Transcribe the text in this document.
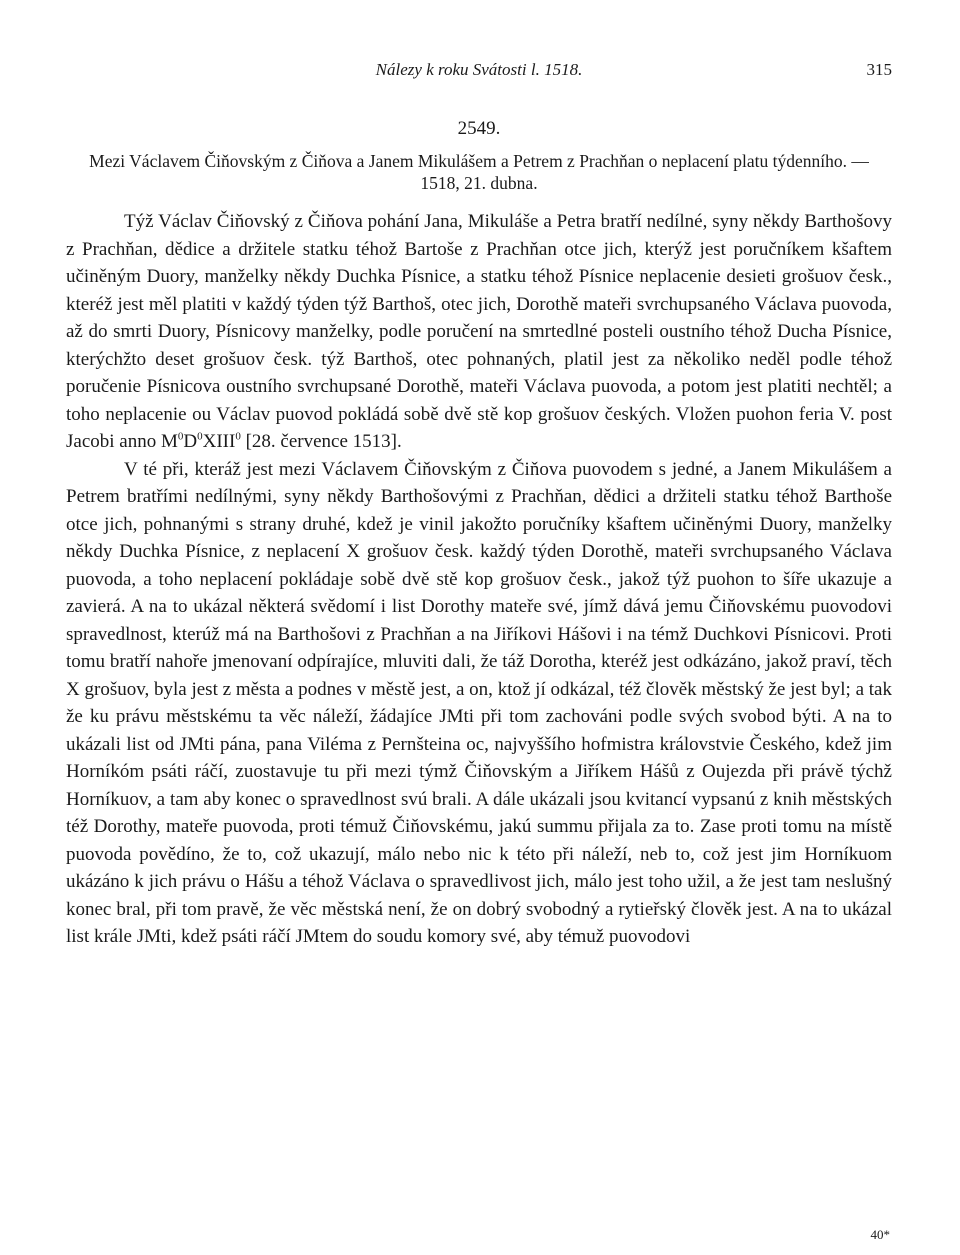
Nálezy k roku Svátosti l. 1518.	315
2549.
Mezi Václavem Čiňovským z Čiňova a Janem Mikulášem a Petrem z Prachňan o neplacení platu týdenního. — 1518, 21. dubna.

Týž Václav Čiňovský z Čiňova pohání Jana, Mikuláše a Petra bratří nedílné, syny někdy Barthošovy z Prachňan, dědice a držitele statku téhož Bartoše z Prachňan otce jich, kterýž jest poručníkem kšaftem učiněným Duory, manželky někdy Duchka Písnice, a statku téhož Písnice neplacenie desieti grošuov česk., kteréž jest měl platiti v každý týden týž Barthoš, otec jich, Dorothě mateři svrchupsaného Václava puovoda, až do smrti Duory, Písnicovy manželky, podle poručení na smrtedlné posteli oustního téhož Ducha Písnice, kterýchžto deset grošuov česk. týž Barthoš, otec pohnaných, platil jest za několiko neděl podle téhož poručenie Písnicova oustního svrchupsané Dorothě, mateři Václava puovoda, a potom jest platiti nechtěl; a toho neplacenie ou Václav puovod pokládá sobě dvě stě kop grošuov českých. Vložen puohon feria V. post Jacobi anno $M^0D^0XIII^0$ [28. července 1513].

V té při, kteráž jest mezi Václavem Čiňovským z Čiňova puovodem s jedné, a Janem Mikulášem a Petrem bratřími nedílnými, syny někdy Barthošovými z Prachňan, dědici a držiteli statku téhož Barthoše otce jich, pohnanými s strany druhé, kdež je vinil jakožto poručníky kšaftem učiněnými Duory, manželky někdy Duchka Písnice, z neplacení X grošuov česk. každý týden Dorothě, mateři svrchupsaného Václava puovoda, a toho neplacení pokládaje sobě dvě stě kop grošuov česk., jakož týž puohon to šíře ukazuje a zavierá. A na to ukázal některá svědomí i list Dorothy mateře své, jímž dává jemu Čiňovskému puovodovi spravedlnost, kterúž má na Barthošovi z Prachňan a na Jiříkovi Hášovi i na témž Duchkovi Písnicovi. Proti tomu bratří nahoře jmenovaní odpírajíce, mluviti dali, že táž Dorotha, kteréž jest odkázáno, jakož praví, těch X grošuov, byla jest z města a podnes v městě jest, a on, ktož jí odkázal, též člověk městský že jest byl; a tak že ku právu městskému ta věc náleží, žádajíce JMti při tom zachováni podle svých svobod býti. A na to ukázali list od JMti pána, pana Viléma z Pernšteina oc, najvyššího hofmistra královstvie Českého, kdež jim Horníkóm psáti ráčí, zuostavuje tu při mezi týmž Čiňovským a Jiříkem Hášů z Oujezda při právě týchž Horníkuov, a tam aby konec o spravedlnost svú brali. A dále ukázali jsou kvitancí vypsanú z knih městských též Dorothy, mateře puovoda, proti témuž Čiňovskému, jakú summu přijala za to. Zase proti tomu na místě puovoda povědíno, že to, což ukazují, málo nebo nic k této při náleží, neb to, což jest jim Horníkuom ukázáno k jich právu o Hášu a téhož Václava o spravedlivost jich, málo jest toho užil, a že jest tam neslušný konec bral, při tom pravě, že věc městská není, že on dobrý svobodný a rytieřský člověk jest. A na to ukázal list krále JMti, kdež psáti ráčí JMtem do soudu komory své, aby témuž puovodovi

40*
